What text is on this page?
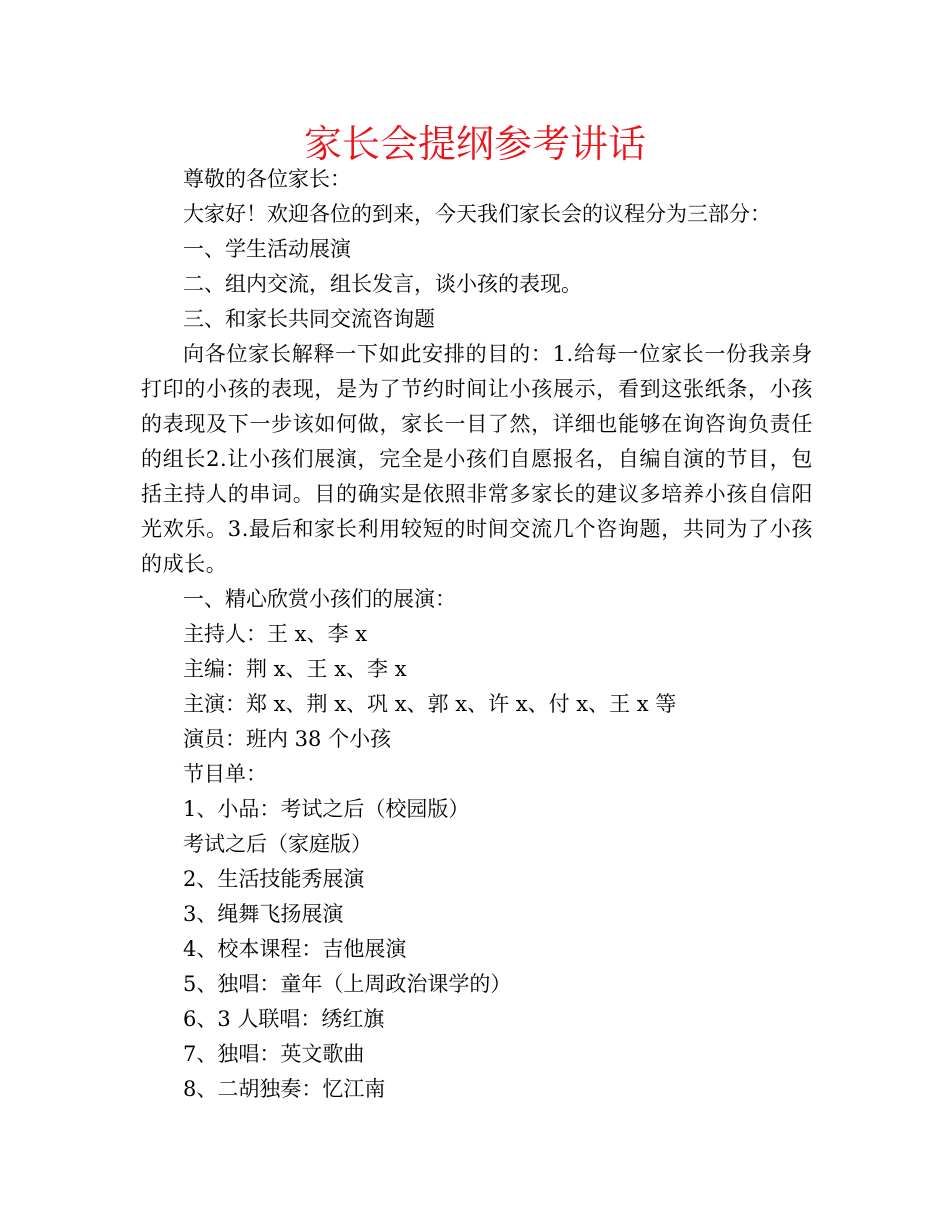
家长会提纲参考讲话

尊敬的各位家长：

大家好！欢迎各位的到来，今天我们家长会的议程分为三部分：

一、学生活动展演

二、组内交流，组长发言，谈小孩的表现。

三、和家长共同交流咨询题

向各位家长解释一下如此安排的目的：1.给每一位家长一份我亲身打印的小孩的表现，是为了节约时间让小孩展示，看到这张纸条，小孩的表现及下一步该如何做，家长一目了然，详细也能够在询咨询负责任的组长2.让小孩们展演，完全是小孩们自愿报名，自编自演的节目，包括主持人的串词。目的确实是依照非常多家长的建议多培养小孩自信阳光欢乐。3.最后和家长利用较短的时间交流几个咨询题，共同为了小孩的成长。

一、精心欣赏小孩们的展演：

主持人：王 x、李 x

主编：荆 x、王 x、李 x

主演：郑 x、荆 x、巩 x、郭 x、许 x、付 x、王 x 等

演员：班内 38 个小孩

节目单：

1、小品：考试之后（校园版）

考试之后（家庭版）

2、生活技能秀展演

3、绳舞飞扬展演

4、校本课程：吉他展演

5、独唱：童年（上周政治课学的）

6、3 人联唱：绣红旗

7、独唱：英文歌曲

8、二胡独奏：忆江南
